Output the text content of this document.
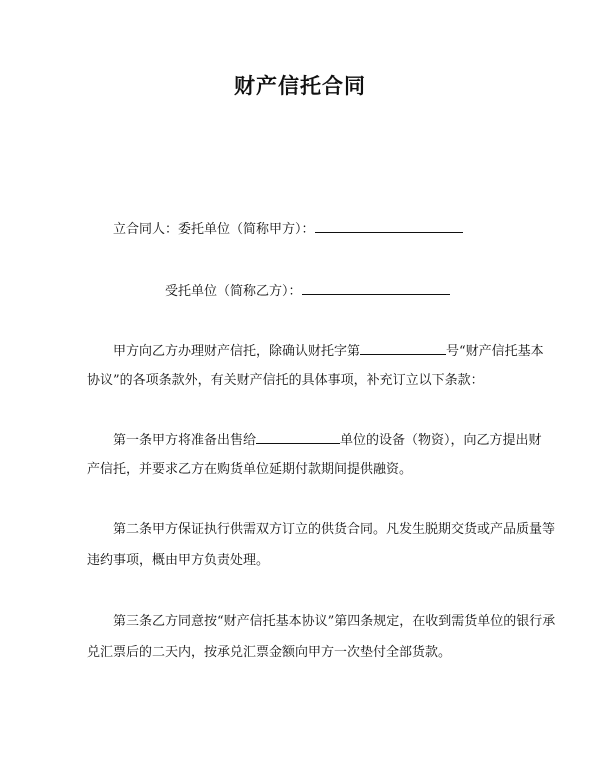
财产信托合同
立合同人：委托单位（简称甲方）：
受托单位（简称乙方）：
甲方向乙方办理财产信托，除确认财托字第	号“财产信托基本
协议”的各项条款外，有关财产信托的具体事项，补充订立以下条款：
第一条甲方将准备出售给	单位的设备（物资），向乙方提出财
产信托，并要求乙方在购货单位延期付款期间提供融资。
第二条甲方保证执行供需双方订立的供货合同。凡发生脱期交货或产品质量等
违约事项，概由甲方负责处理。
第三条乙方同意按“财产信托基本协议”第四条规定，在收到需货单位的银行承
兑汇票后的二天内，按承兑汇票金额向甲方一次垫付全部货款。
